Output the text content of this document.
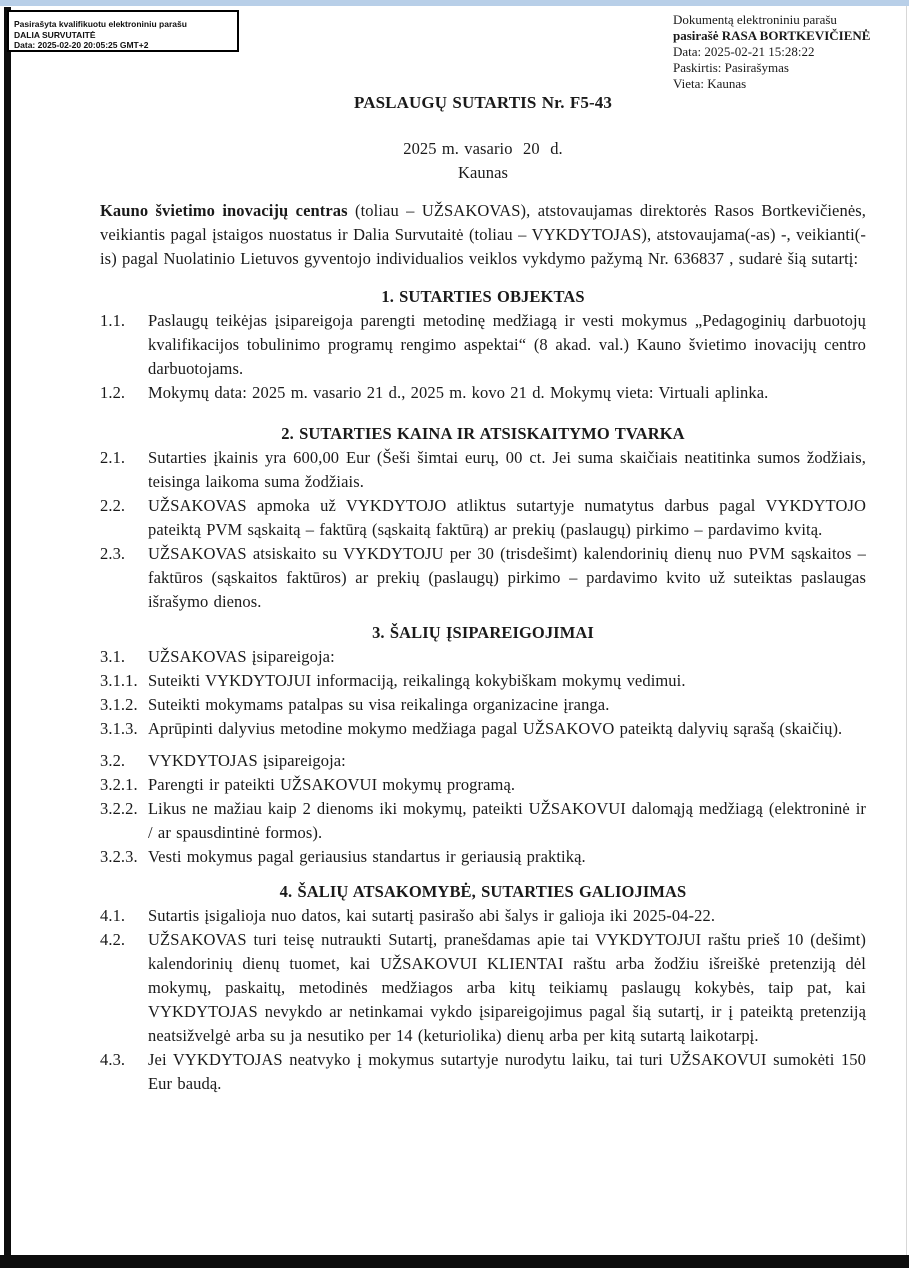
Pasirašyta kvalifikuotu elektroniniu parašu
DALIA SURVUTAITĖ
Data: 2025-02-20 20:05:25 GMT+2
Dokumentą elektroniniu parašu
pasirašė RASA BORTKEVIČIENĖ
Data: 2025-02-21 15:28:22
Paskirtis: Pasirašymas
Vieta: Kaunas
PASLAUGŲ SUTARTIS Nr. F5-43
2025 m. vasario  20  d.
Kaunas

Kauno švietimo inovacijų centras (toliau – UŽSAKOVAS), atstovaujamas direktorės Rasos Bortkevičienės, veikiantis pagal įstaigos nuostatus ir Dalia Survutaitė (toliau – VYKDYTOJAS), atstovaujama(-as) -, veikianti(-is) pagal Nuolatinio Lietuvos gyventojo individualios veiklos vykdymo pažymą Nr. 636837 , sudarė šią sutartį:

1. SUTARTIES OBJEKTAS
1.1.	Paslaugų teikėjas įsipareigoja parengti metodinę medžiagą ir vesti mokymus „Pedagoginių darbuotojų kvalifikacijos tobulinimo programų rengimo aspektai“ (8 akad. val.) Kauno švietimo inovacijų centro darbuotojams.
1.2.	Mokymų data: 2025 m. vasario 21 d., 2025 m. kovo 21 d. Mokymų vieta: Virtuali aplinka.
2. SUTARTIES KAINA IR ATSISKAITYMO TVARKA
2.1.	Sutarties įkainis yra 600,00 Eur (Šeši šimtai eurų, 00 ct. Jei suma skaičiais neatitinka sumos žodžiais, teisinga laikoma suma žodžiais.
2.2.	UŽSAKOVAS apmoka už VYKDYTOJO atliktus sutartyje numatytus darbus pagal VYKDYTOJO pateiktą PVM sąskaitą – faktūrą (sąskaitą faktūrą) ar prekių (paslaugų) pirkimo – pardavimo kvitą.
2.3.	UŽSAKOVAS atsiskaito su VYKDYTOJU per 30 (trisdešimt) kalendorinių dienų nuo PVM sąskaitos – faktūros (sąskaitos faktūros) ar prekių (paslaugų) pirkimo – pardavimo kvito už suteiktas paslaugas išrašymo dienos.
3. ŠALIŲ ĮSIPAREIGOJIMAI
3.1.	UŽSAKOVAS įsipareigoja:
3.1.1. Suteikti VYKDYTOJUI informaciją, reikalingą kokybiškam mokymų vedimui.
3.1.2. Suteikti mokymams patalpas su visa reikalinga organizacine įranga.
3.1.3. Aprūpinti dalyvius metodine mokymo medžiaga pagal UŽSAKOVO pateiktą dalyvių sąrašą (skaičių).
3.2.	VYKDYTOJAS įsipareigoja:
3.2.1. Parengti ir pateikti UŽSAKOVUI mokymų programą.
3.2.2. Likus ne mažiau kaip 2 dienoms iki mokymų, pateikti UŽSAKOVUI dalomąją medžiagą (elektroninė ir / ar spausdintinė formos).
3.2.3. Vesti mokymus pagal geriausius standartus ir geriausią praktiką.
4. ŠALIŲ ATSAKOMYBĖ, SUTARTIES GALIOJIMAS
4.1.	Sutartis įsigalioja nuo datos, kai sutartį pasirašo abi šalys ir galioja iki 2025-04-22.
4.2.	UŽSAKOVAS turi teisę nutraukti Sutartį, pranešdamas apie tai VYKDYTOJUI raštu prieš 10 (dešimt) kalendorinių dienų tuomet, kai UŽSAKOVUI KLIENTAI raštu arba žodžiu išreiškė pretenziją dėl mokymų, paskaitų, metodinės medžiagos arba kitų teikiamų paslaugų kokybės, taip pat, kai VYKDYTOJAS nevykdo ar netinkamai vykdo įsipareigojimus pagal šią sutartį, ir į pateiktą pretenziją neatsižvelgė arba su ja nesutiko per 14 (keturiolika) dienų arba per kitą sutartą laikotarpį.
4.3.	Jei VYKDYTOJAS neatvyko į mokymus sutartyje nurodytu laiku, tai turi UŽSAKOVUI sumokėti 150 Eur baudą.
